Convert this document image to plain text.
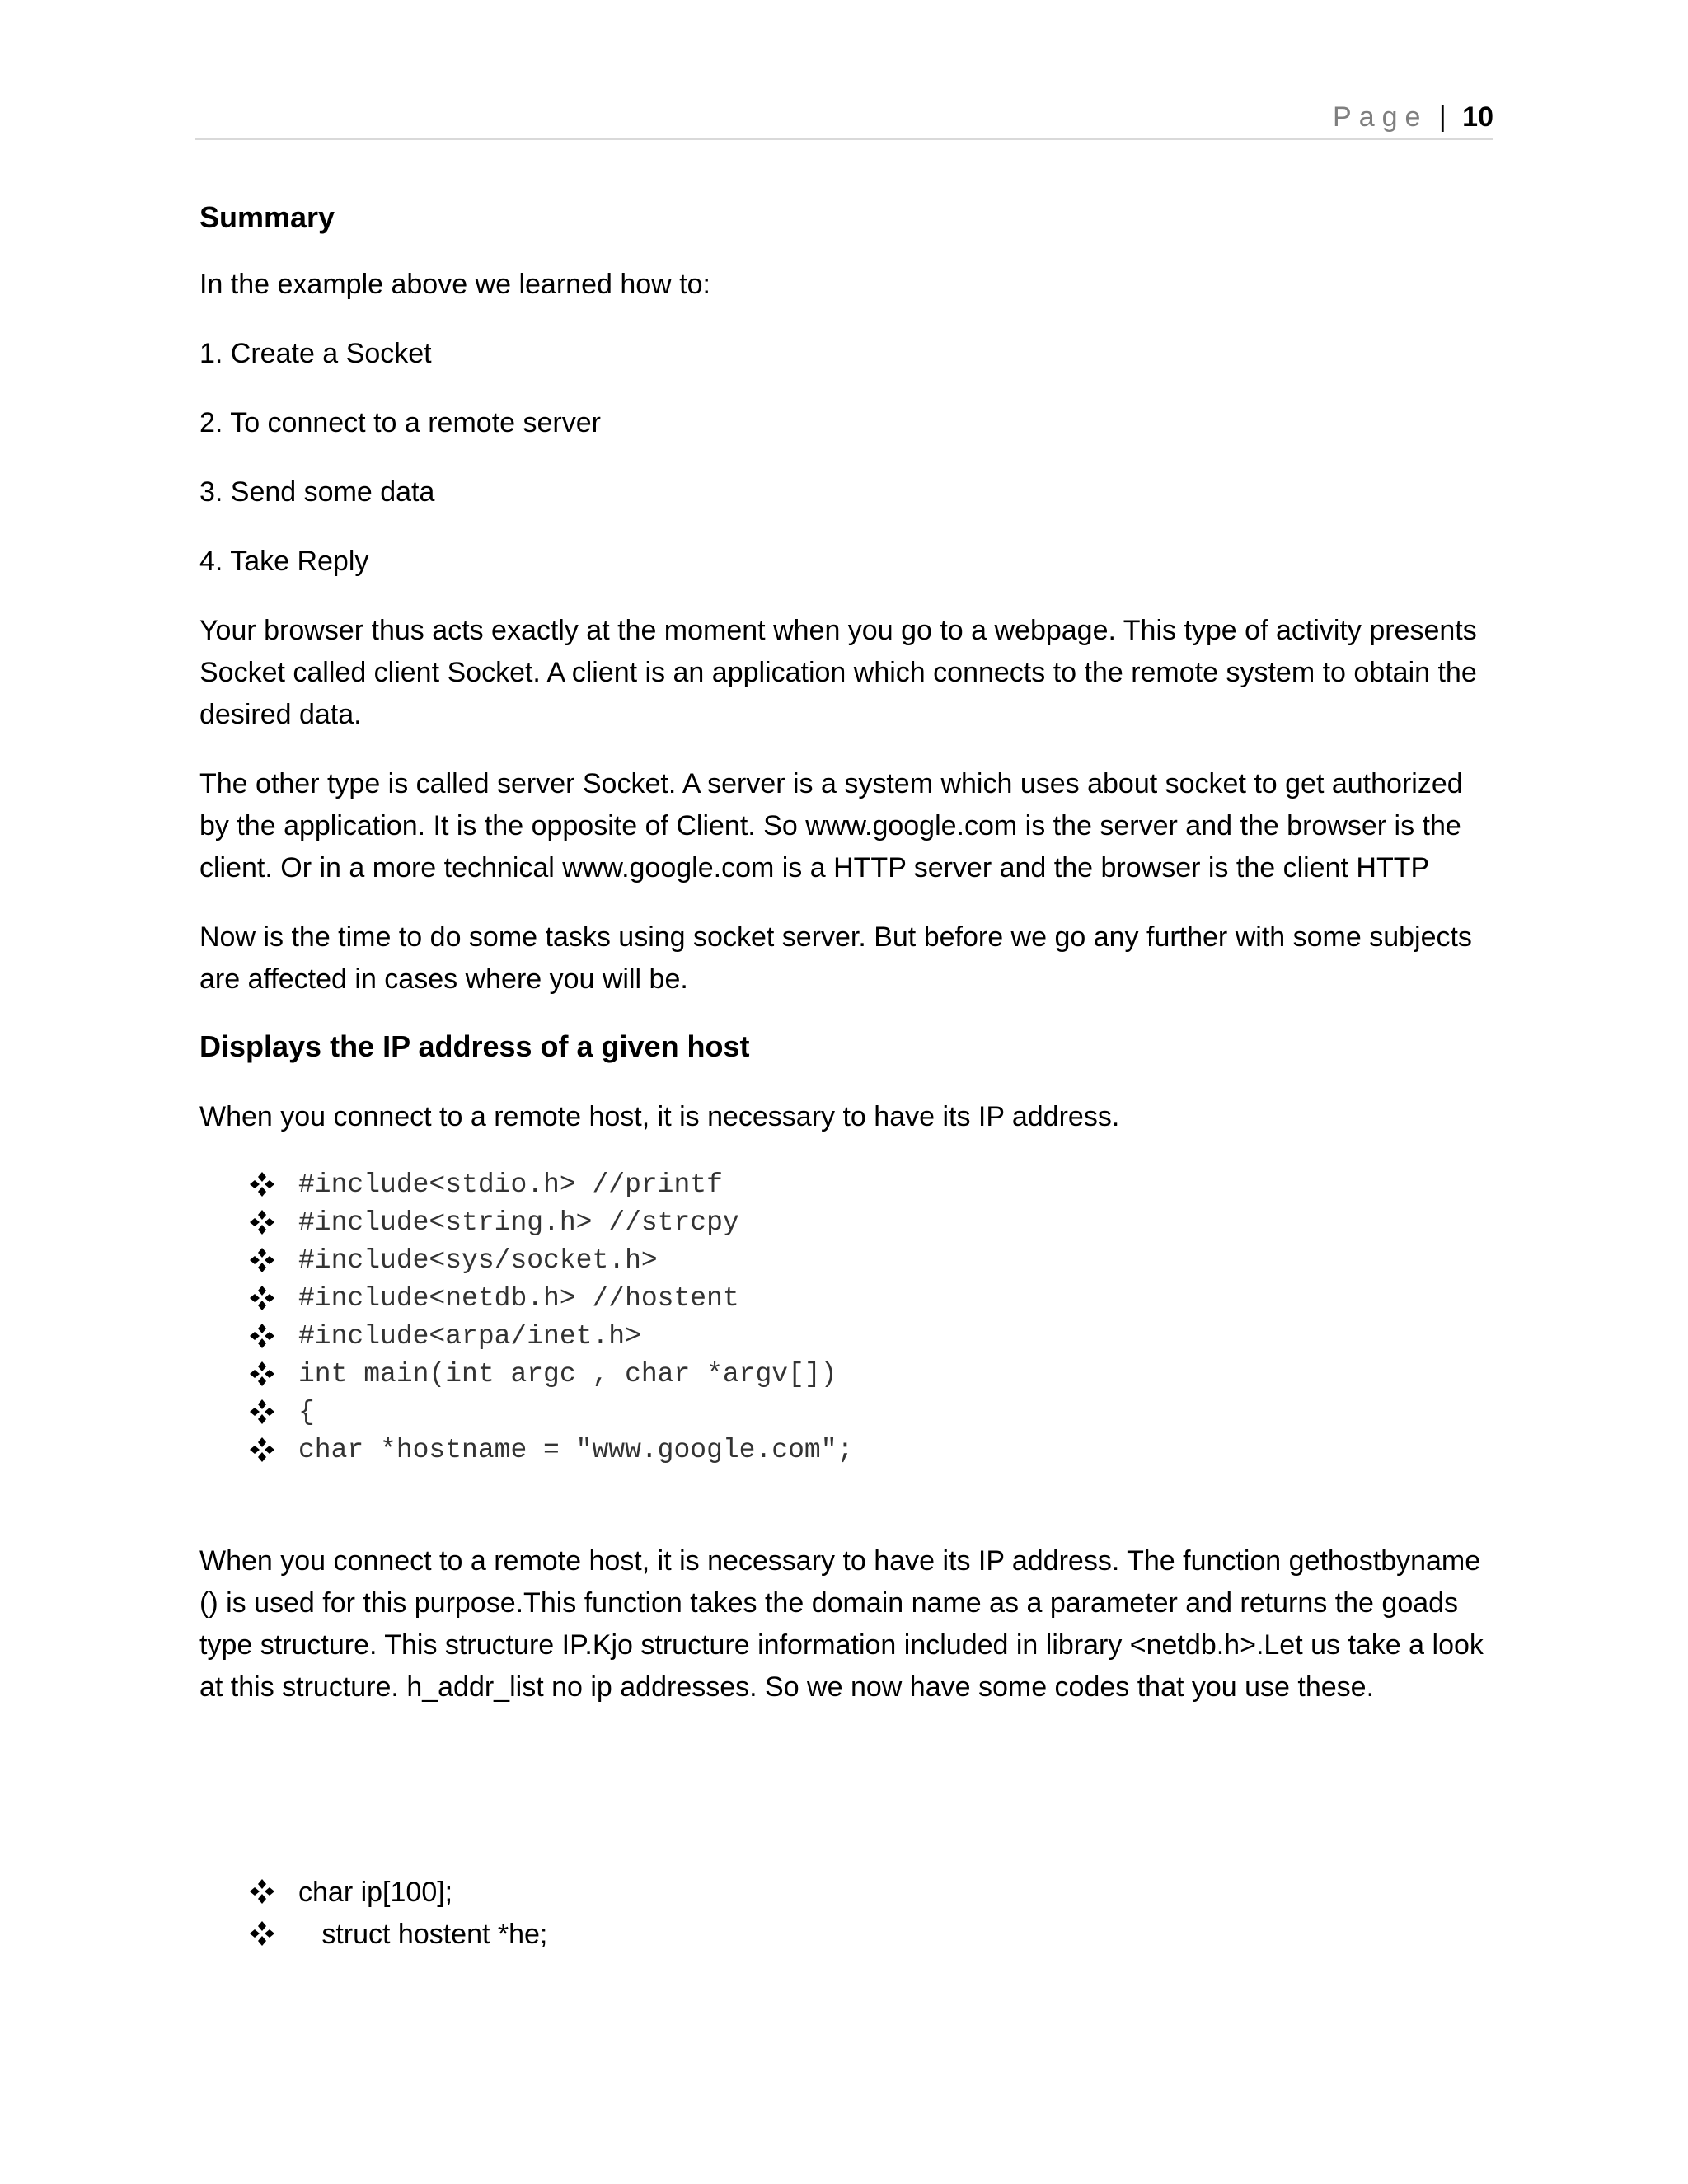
Page | 10

Summary

In the example above we learned how to:

1. Create a Socket

2. To connect to a remote server

3. Send some data

4. Take Reply

Your browser thus acts exactly at the moment when you go to a webpage. This type of activity presents Socket called client Socket. A client is an application which connects to the remote system to obtain the desired data.

The other type is called server Socket. A server is a system which uses about socket to get authorized by the application. It is the opposite of Client. So www.google.com is the server and the browser is the client. Or in a more technical www.google.com is a HTTP server and the browser is the client HTTP

Now is the time to do some tasks using socket server. But before we go any further with some subjects are affected in cases where you will be.

Displays the IP address of a given host

When you connect to a remote host, it is necessary to have its IP address.

#include<stdio.h> //printf
#include<string.h> //strcpy
#include<sys/socket.h>
#include<netdb.h> //hostent
#include<arpa/inet.h>
int main(int argc , char *argv[])
{
char *hostname = "www.google.com";

When you connect to a remote host, it is necessary to have its IP address. The function gethostbyname () is used for this purpose.This function takes the domain name as a parameter and returns the goads type structure. This structure IP.Kjo structure information included in library <netdb.h>.Let us take a look at this structure. h_addr_list no ip addresses. So we now have some codes that you use these.

char ip[100];
struct hostent *he;
